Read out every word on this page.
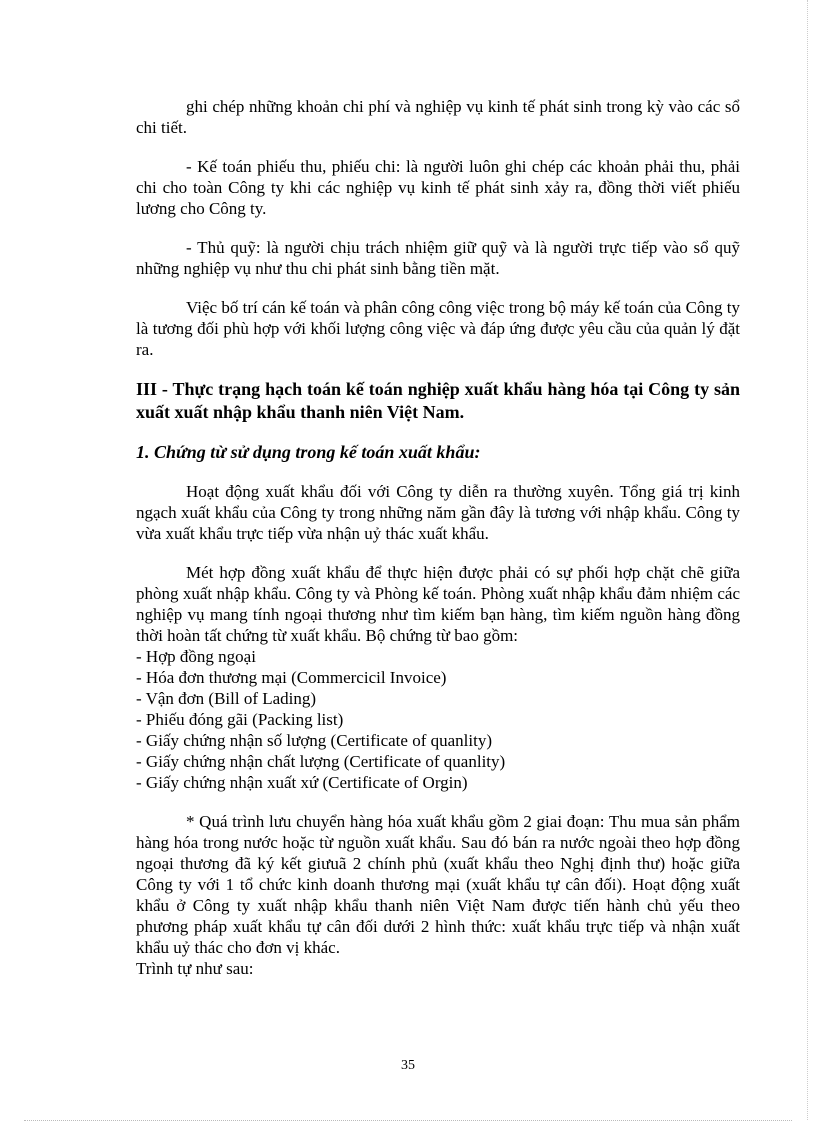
ghi chép những khoản chi phí và nghiệp vụ kinh tế phát sinh trong kỳ vào các sổ chi tiết.

- Kế toán phiếu thu, phiếu chi: là người luôn ghi chép các khoản phải thu, phải chi cho toàn Công ty khi các nghiệp vụ kinh tế phát sinh xảy ra, đồng thời viết phiếu lương cho Công ty.

- Thủ quỹ: là người chịu trách nhiệm giữ quỹ và là người trực tiếp vào sổ quỹ những nghiệp vụ như thu chi phát sinh bằng tiền mặt.

Việc bố trí cán kế toán và phân công công việc trong bộ máy kế toán của Công ty là tương đối phù hợp với khối lượng công việc và đáp ứng được yêu cầu của quản lý đặt ra.

III - Thực trạng hạch toán kế toán nghiệp xuất khẩu hàng hóa tại Công ty sản xuất xuất nhập khẩu thanh niên Việt Nam.

1. Chứng từ sử dụng trong kế toán xuất khẩu:

Hoạt động xuất khẩu đối với Công ty diễn ra thường xuyên. Tổng giá trị kinh ngạch xuất khẩu của Công ty trong những năm gần đây là tương với nhập khẩu. Công ty vừa xuất khẩu trực tiếp vừa nhận uỷ thác xuất khẩu.

Mét hợp đồng xuất khẩu để thực hiện được phải có sự phối hợp chặt chẽ giữa phòng xuất nhập khẩu. Công ty và Phòng kế toán. Phòng xuất nhập khẩu đảm nhiệm các nghiệp vụ mang tính ngoại thương như tìm kiếm bạn hàng, tìm kiếm nguồn hàng đồng thời hoàn tất chứng từ xuất khẩu. Bộ chứng từ bao gồm:

- Hợp đồng ngoại
- Hóa đơn thương mại (Commercicil Invoice)
- Vận đơn (Bill of Lading)
- Phiếu đóng gãi (Packing list)
- Giấy chứng nhận số lượng (Certificate of quanlity)
- Giấy chứng nhận chất lượng (Certificate of quanlity)
- Giấy chứng nhận xuất xứ (Certificate of Orgin)

* Quá trình lưu chuyển hàng hóa xuất khẩu gồm 2 giai đoạn: Thu mua sản phẩm hàng hóa trong nước hoặc từ nguồn xuất khẩu. Sau đó bán ra nước ngoài theo hợp đồng ngoại thương đã ký kết giưuã 2 chính phủ (xuất khẩu theo Nghị định thư) hoặc giữa Công ty với 1 tổ chức kinh doanh thương mại (xuất khẩu tự cân đối). Hoạt động xuất khẩu ở Công ty xuất nhập khẩu thanh niên Việt Nam được tiến hành chủ yếu theo phương pháp xuất khẩu tự cân đối dưới 2 hình thức: xuất khẩu trực tiếp và nhận xuất khẩu uỷ thác cho đơn vị khác.

Trình tự như sau:

35
